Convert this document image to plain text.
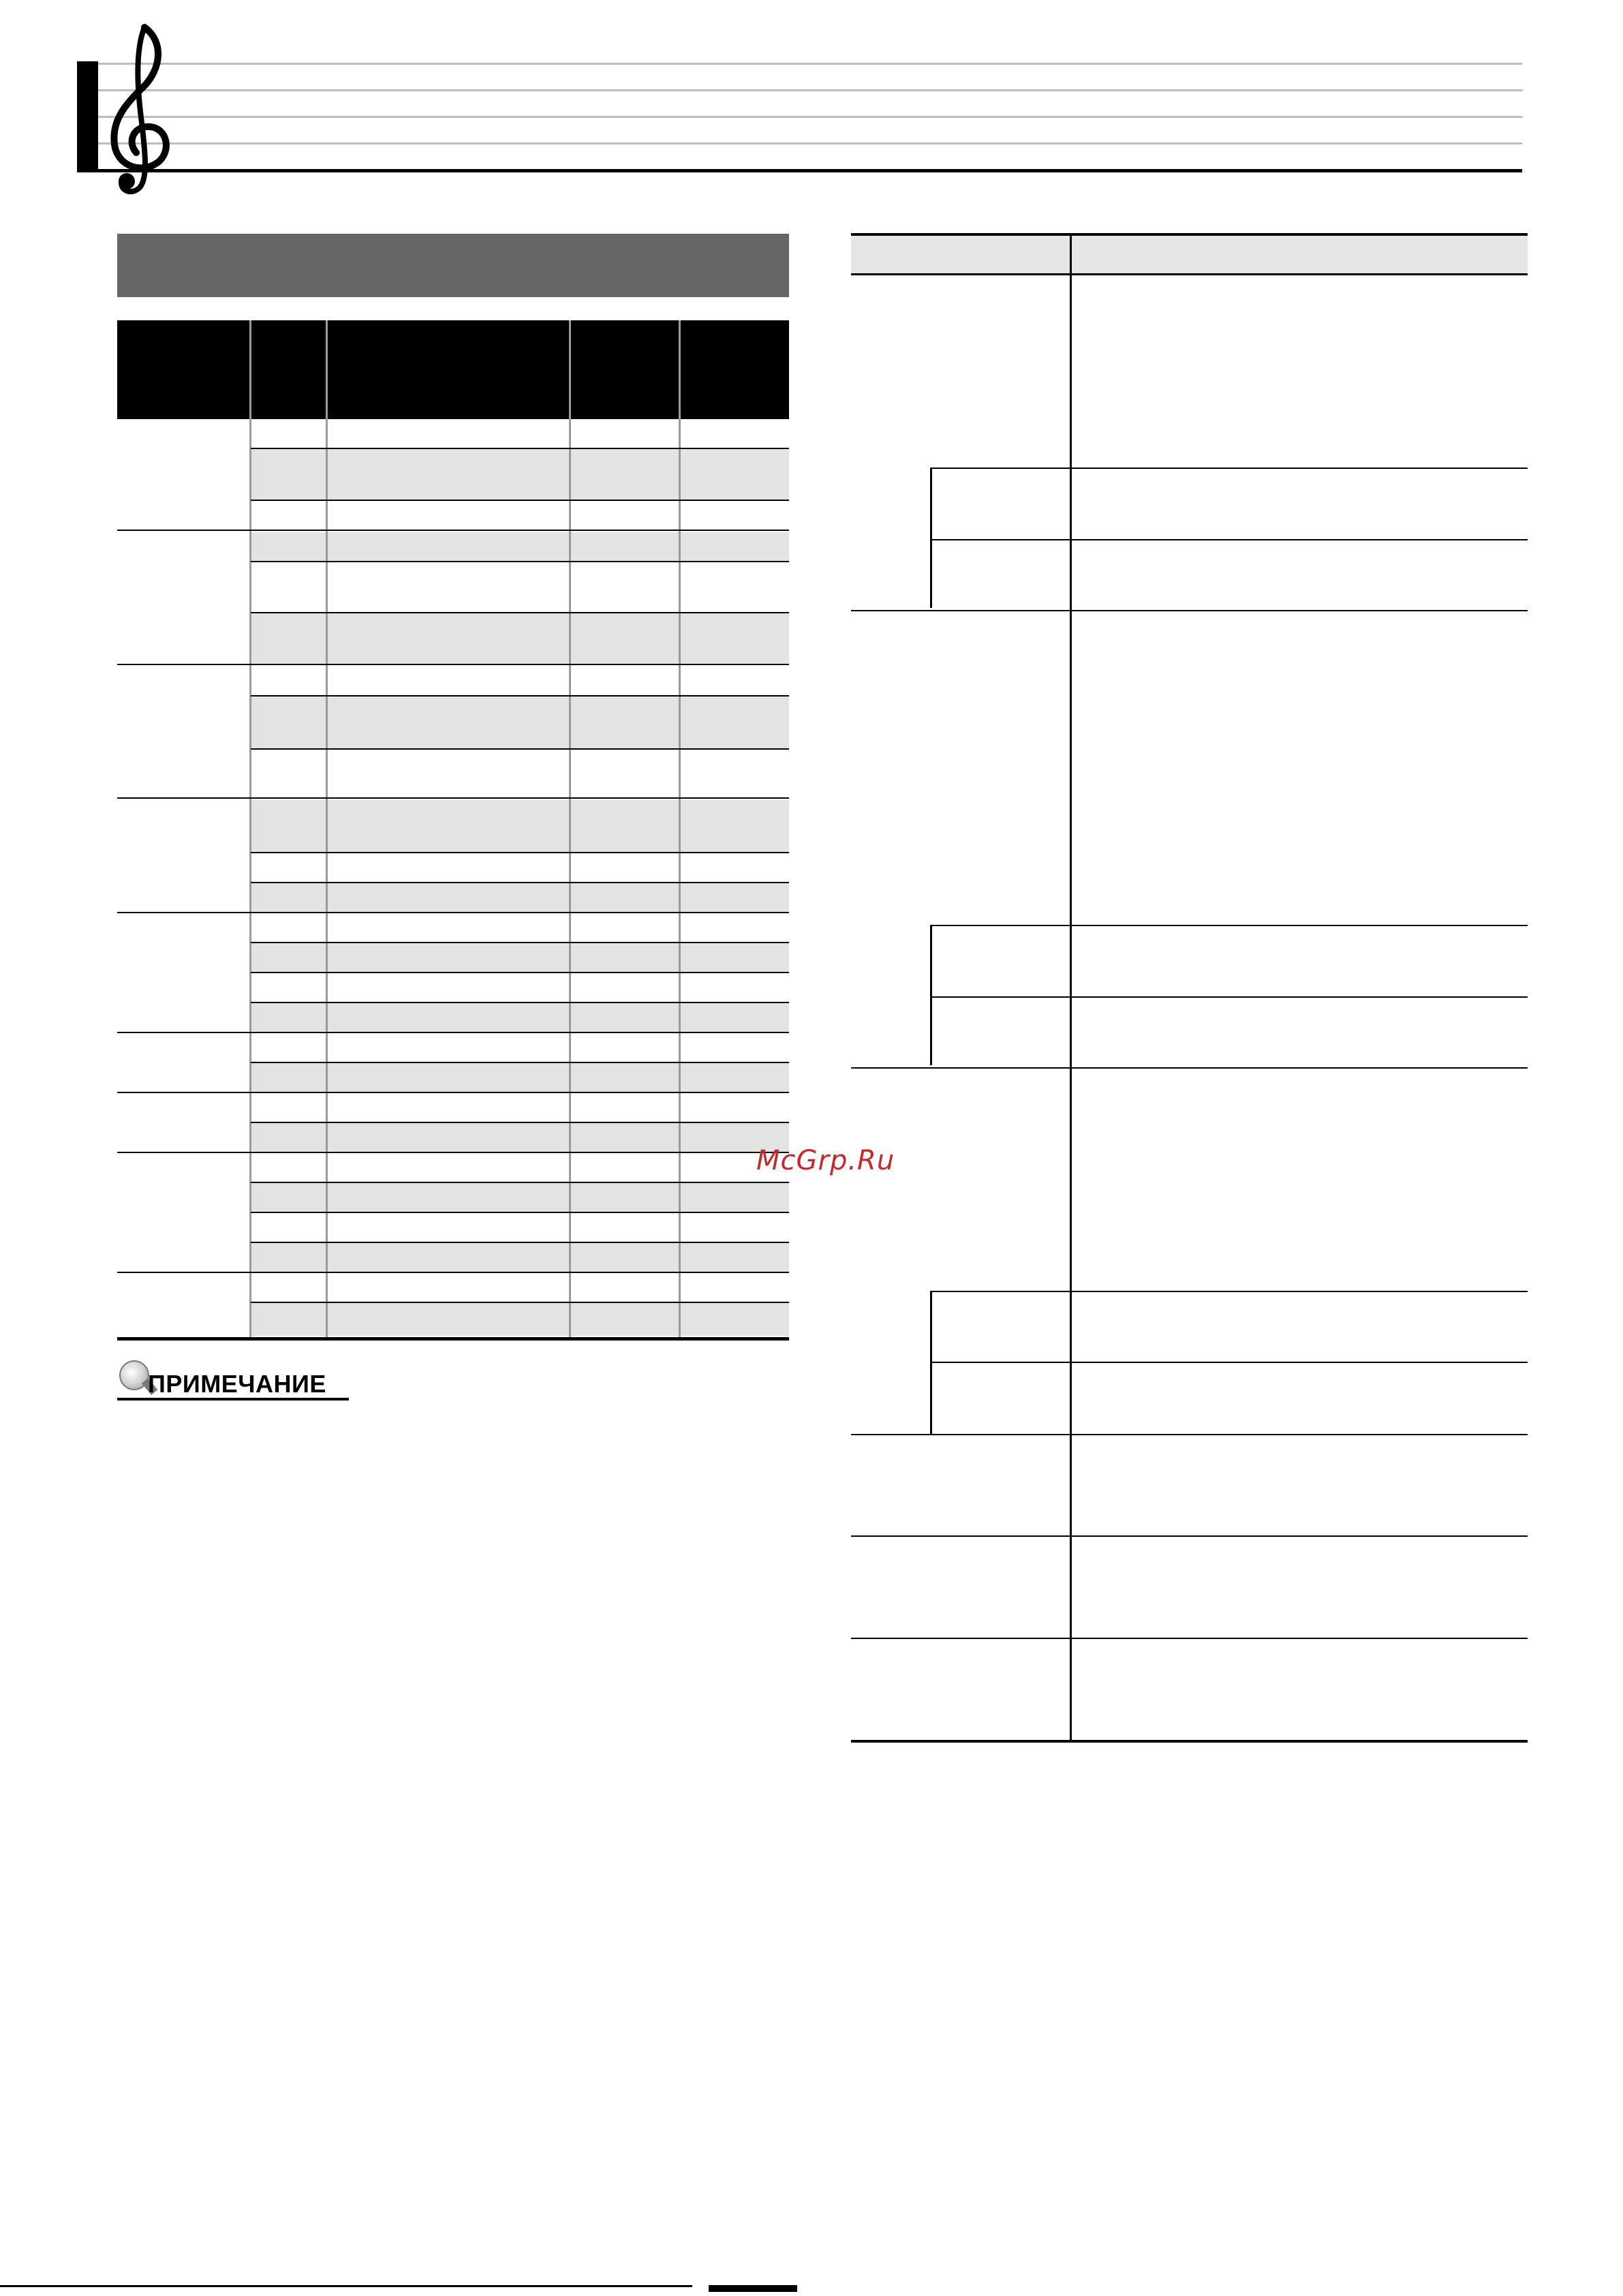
ПРИМЕЧАНИЕ
McGrp.Ru
